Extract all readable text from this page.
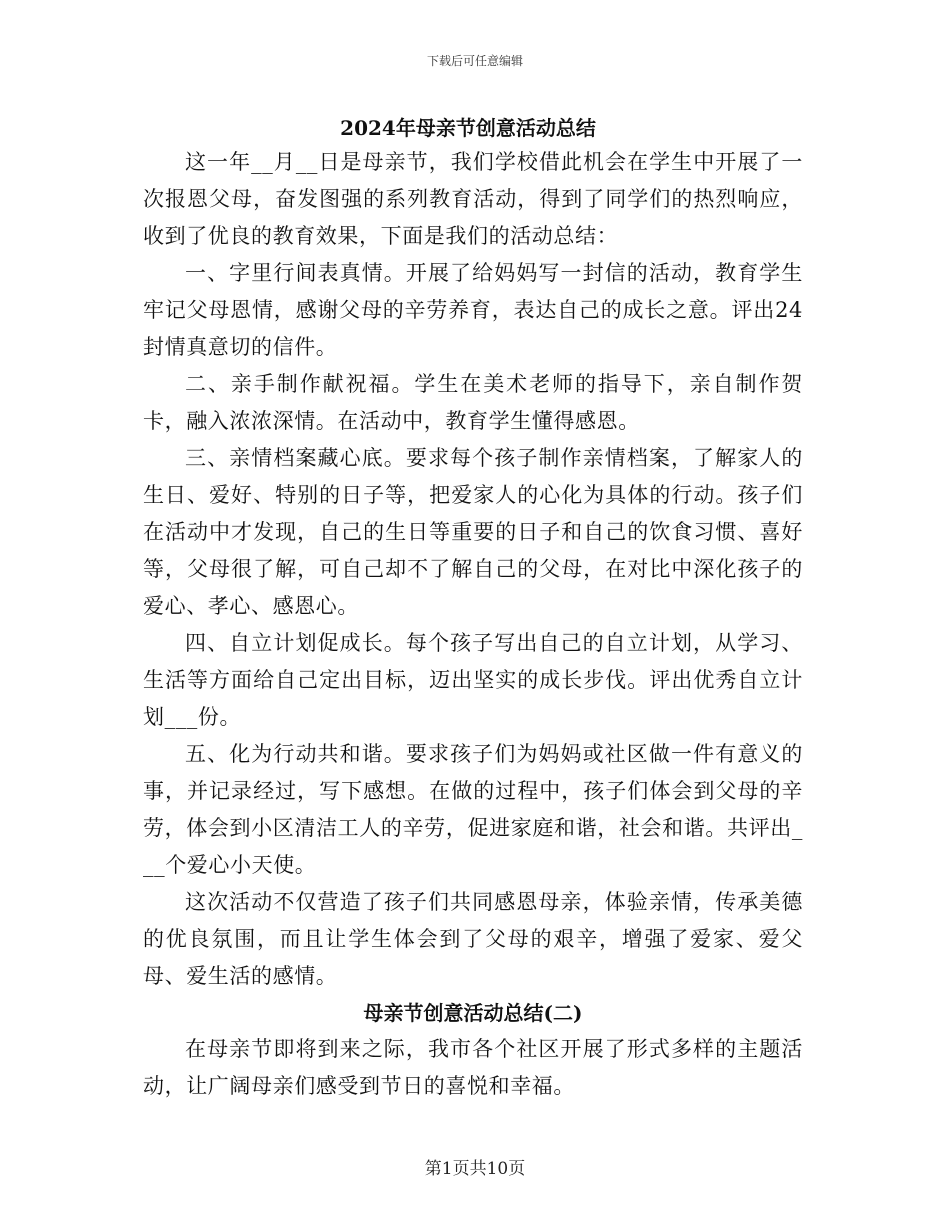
下载后可任意编辑
2024年母亲节创意活动总结

这一年__月__日是母亲节，我们学校借此机会在学生中开展了一次报恩父母，奋发图强的系列教育活动，得到了同学们的热烈响应，收到了优良的教育效果，下面是我们的活动总结：

一、字里行间表真情。开展了给妈妈写一封信的活动，教育学生牢记父母恩情，感谢父母的辛劳养育，表达自己的成长之意。评出24封情真意切的信件。

二、亲手制作献祝福。学生在美术老师的指导下，亲自制作贺卡，融入浓浓深情。在活动中，教育学生懂得感恩。

三、亲情档案藏心底。要求每个孩子制作亲情档案，了解家人的生日、爱好、特别的日子等，把爱家人的心化为具体的行动。孩子们在活动中才发现，自己的生日等重要的日子和自己的饮食习惯、喜好等，父母很了解，可自己却不了解自己的父母，在对比中深化孩子的爱心、孝心、感恩心。

四、自立计划促成长。每个孩子写出自己的自立计划，从学习、生活等方面给自己定出目标，迈出坚实的成长步伐。评出优秀自立计划___份。

五、化为行动共和谐。要求孩子们为妈妈或社区做一件有意义的事，并记录经过，写下感想。在做的过程中，孩子们体会到父母的辛劳，体会到小区清洁工人的辛劳，促进家庭和谐，社会和谐。共评出___个爱心小天使。

这次活动不仅营造了孩子们共同感恩母亲，体验亲情，传承美德的优良氛围，而且让学生体会到了父母的艰辛，增强了爱家、爱父母、爱生活的感情。

母亲节创意活动总结(二)

在母亲节即将到来之际，我市各个社区开展了形式多样的主题活动，让广阔母亲们感受到节日的喜悦和幸福。

第1页共10页
